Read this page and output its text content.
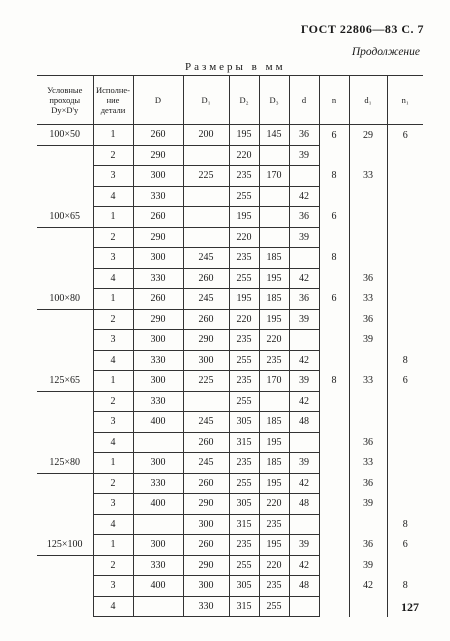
ГОСТ 22806—83 С. 7
Продолжение
Размеры в мм
Условные проходы Dу×D'у	Исполнение детали	D	D₁	D₂	D₃	d	n	d₁	n₁
100×50	1	260	200	195	145	36	6	29	6
	2	290		220		39			
	3	300	225	235	170		8	33	
	4	330		255		42			
100×65	1	260		195		36	6		
	2	290		220		39			
	3	300	245	235	185		8		
	4	330	260	255	195	42		36	
100×80	1	260	245	195	185	36	6	33	
	2	290	260	220	195	39		36	
	3	300	290	235	220			39	
	4	330	300	255	235	42			8
125×65	1	300	225	235	170	39	8	33	6
	2	330		255		42			
	3	400	245	305	185	48			
	4		260	315	195			36	
125×80	1	300	245	235	185	39		33	
	2	330	260	255	195	42		36	
	3	400	290	305	220	48		39	
	4		300	315	235				8
125×100	1	300	260	235	195	39		36	6
	2	330	290	255	220	42		39	
	3	400	300	305	235	48		42	8
	4		330	315	255					127
